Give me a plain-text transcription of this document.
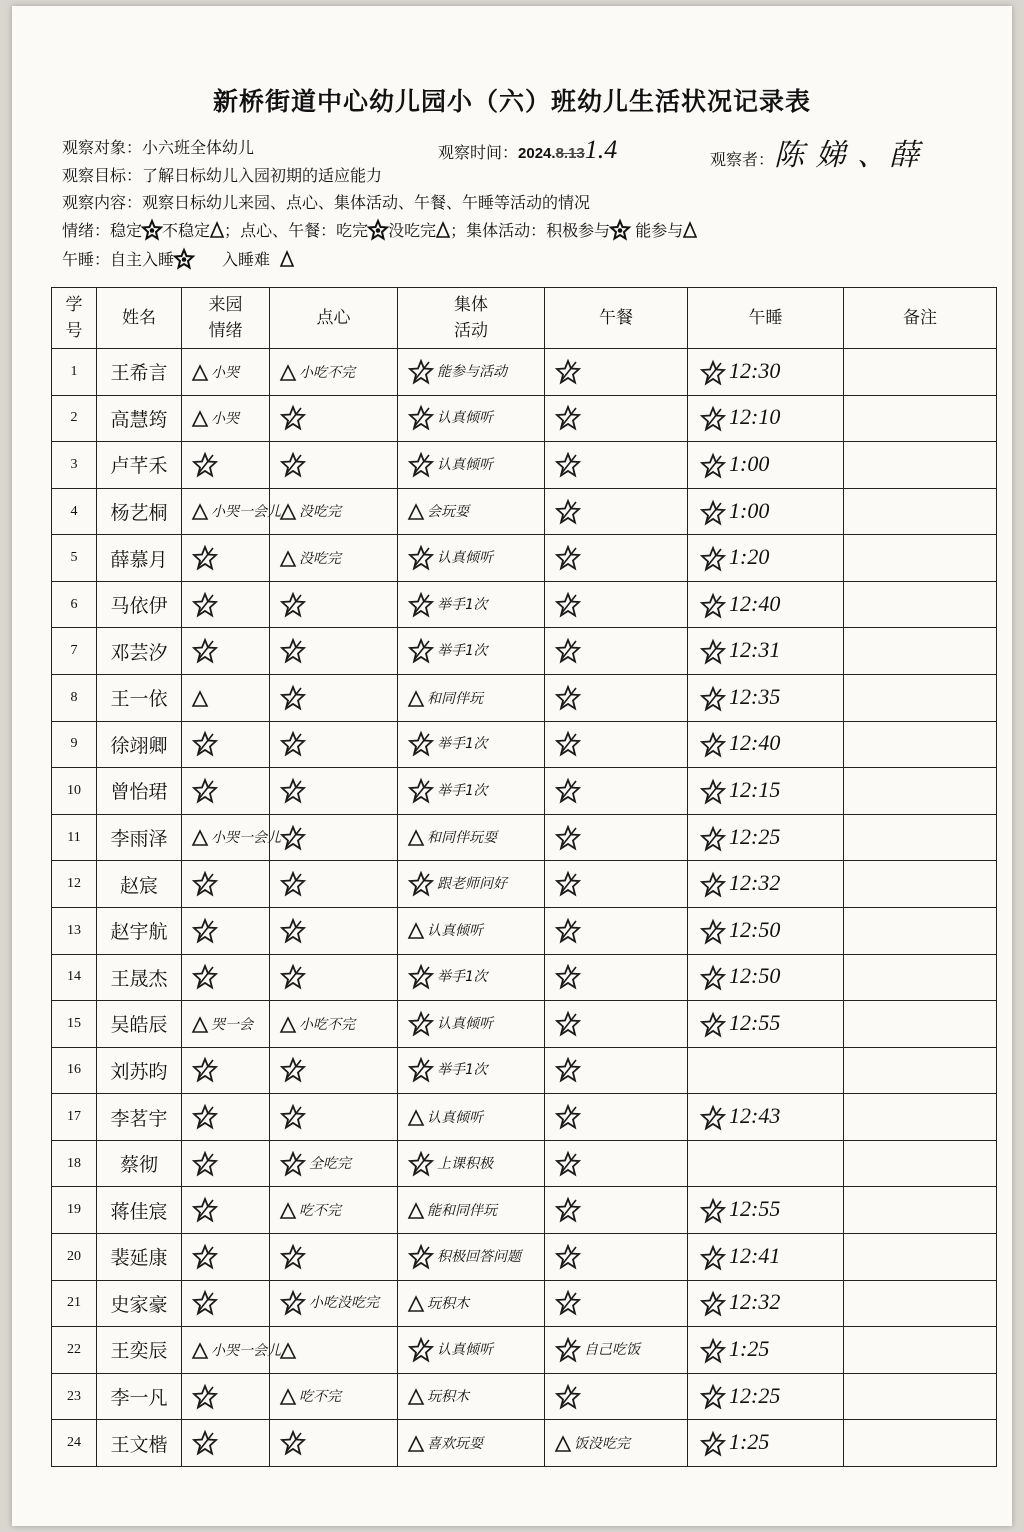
新桥街道中心幼儿园小（六）班幼儿生活状况记录表
观察对象：小六班全体幼儿	观察时间：2024.8.131.4	观察者：陈 娣 、薛
观察目标：了解日标幼儿入园初期的适应能力
观察内容：观察日标幼儿来园、点心、集体活动、午餐、午睡等活动的情况
情绪：稳定 不稳定 ；点心、午餐：吃完 没吃完 ；集体活动：积极参与 能参与
午睡：自主入睡	入睡难
学号	姓名	来园情绪	点心	集体活动	午餐	午睡	备注
1	王希言	小哭	小吃不完	能参与活动		12:30	
2	高慧筠	小哭		认真倾听		12:10	
3	卢芊禾			认真倾听		1:00	
4	杨艺桐	小哭一会儿	没吃完	会玩耍		1:00	
5	薛慕月		没吃完	认真倾听		1:20	
6	马依伊			举手1次		12:40	
7	邓芸汐			举手1次		12:31	
8	王一依			和同伴玩		12:35	
9	徐翊卿			举手1次		12:40	
10	曾怡珺			举手1次		12:15	
11	李雨泽	小哭一会儿		和同伴玩耍		12:25	
12	赵宸			跟老师问好		12:32	
13	赵宇航			认真倾听		12:50	
14	王晟杰			举手1次		12:50	
15	吴皓辰	哭一会	小吃不完	认真倾听		12:55	
16	刘苏昀			举手1次			
17	李茗宇			认真倾听		12:43	
18	蔡彻		全吃完	上课积极			
19	蒋佳宸		吃不完	能和同伴玩		12:55	
20	裴延康			积极回答问题		12:41	
21	史家豪		小吃没吃完	玩积木		12:32	
22	王奕辰	小哭一会儿		认真倾听	自己吃饭	1:25	
23	李一凡		吃不完	玩积木		12:25	
24	王文楷			喜欢玩耍	饭没吃完	1:25	
